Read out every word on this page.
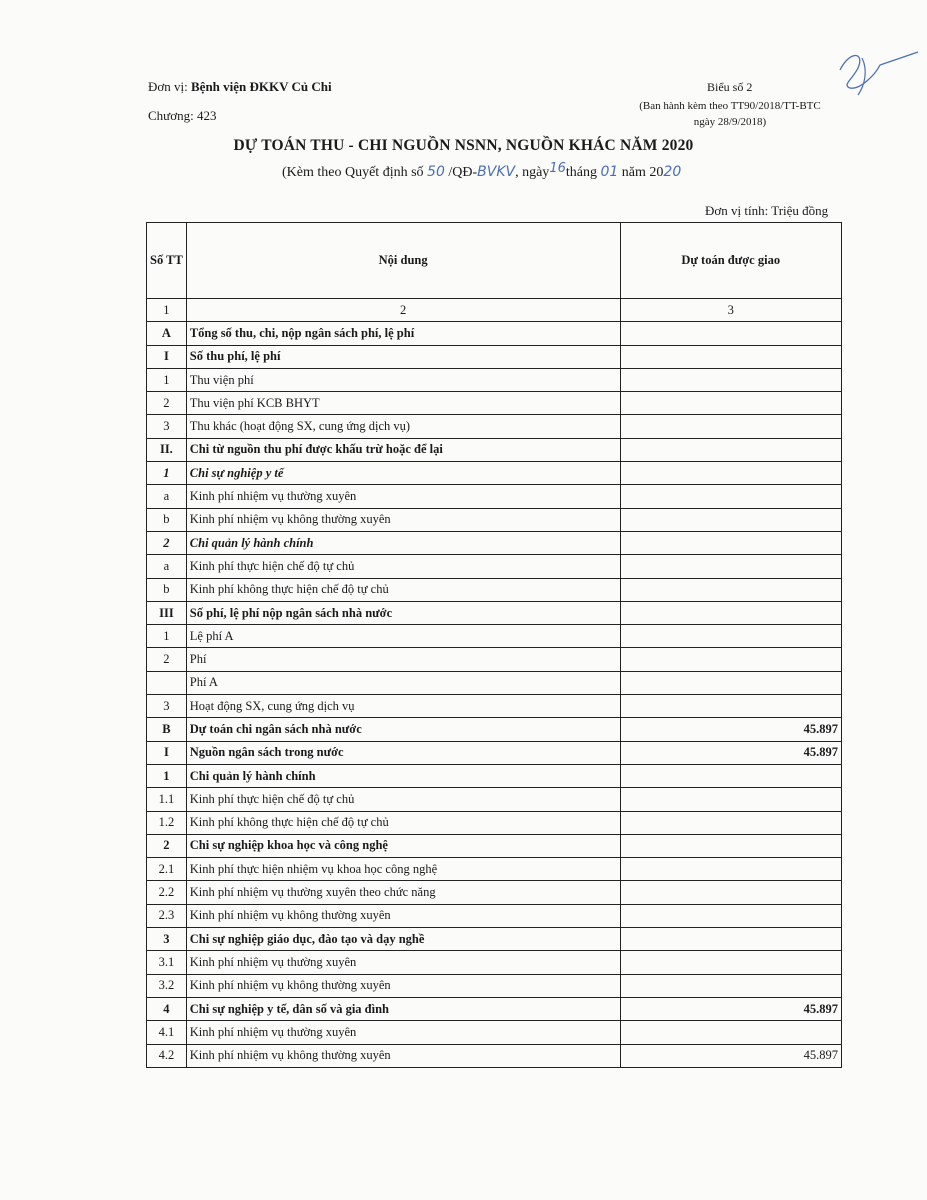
Đơn vị: Bệnh viện ĐKKV Củ Chi
Chương: 423
Biểu số 2
(Ban hành kèm theo TT90/2018/TT-BTC
ngày 28/9/2018)
DỰ TOÁN THU - CHI NGUỒN NSNN, NGUỒN KHÁC NĂM 2020
(Kèm theo Quyết định số 50 /QĐ-BVKV, ngày16tháng 01 năm 2020
Đơn vị tính: Triệu đồng
Số TT	Nội dung	Dự toán được giao
1	2	3
A	Tổng số thu, chi, nộp ngân sách phí, lệ phí	
I	Số thu phí, lệ phí	
1	Thu viện phí	
2	Thu viện phí KCB BHYT	
3	Thu khác (hoạt động SX, cung ứng dịch vụ)	
II.	Chi từ nguồn thu phí được khấu trừ hoặc để lại	
1	Chi sự nghiệp y tế	
a	Kinh phí nhiệm vụ thường xuyên	
b	Kinh phí nhiệm vụ không thường xuyên	
2	Chi quản lý hành chính	
a	Kinh phí thực hiện chế độ tự chủ	
b	Kinh phí không thực hiện chế độ tự chủ	
III	Số phí, lệ phí nộp ngân sách nhà nước	
1	Lệ phí A	
2	Phí	
	Phí A	
3	Hoạt động SX, cung ứng dịch vụ	
B	Dự toán chi ngân sách nhà nước	45.897
I	Nguồn ngân sách trong nước	45.897
1	Chi quản lý hành chính	
1.1	Kinh phí thực hiện chế độ tự chủ	
1.2	Kinh phí không thực hiện chế độ tự chủ	
2	Chi sự nghiệp khoa học và công nghệ	
2.1	Kinh phí thực hiện nhiệm vụ khoa học công nghệ	
2.2	Kinh phí nhiệm vụ thường xuyên theo chức năng	
2.3	Kinh phí nhiệm vụ không thường xuyên	
3	Chi sự nghiệp giáo dục, đào tạo và dạy nghề	
3.1	Kinh phí nhiệm vụ thường xuyên	
3.2	Kinh phí nhiệm vụ không thường xuyên	
4	Chi sự nghiệp y tế, dân số và gia đình	45.897
4.1	Kinh phí nhiệm vụ thường xuyên	
4.2	Kinh phí nhiệm vụ không thường xuyên	45.897
